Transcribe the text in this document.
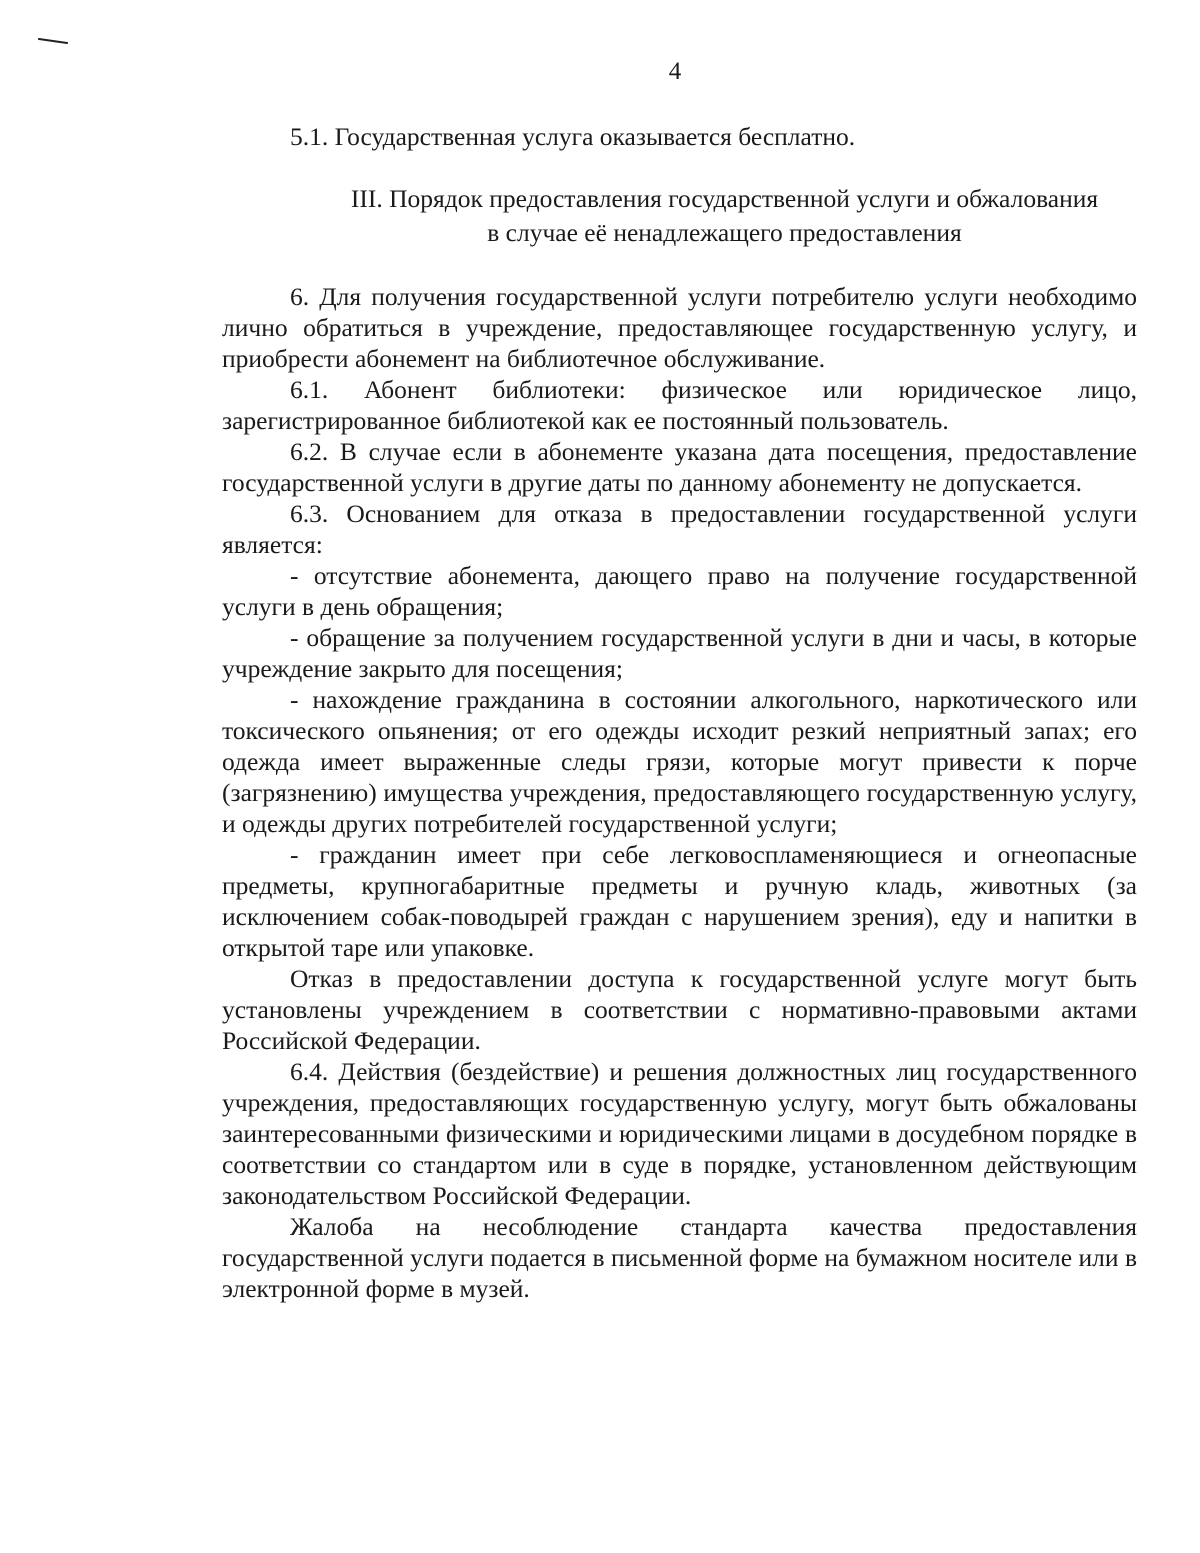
4
5.1. Государственная услуга оказывается бесплатно.
III. Порядок предоставления государственной услуги и обжалования
в случае её ненадлежащего предоставления

6. Для получения государственной услуги потребителю услуги необходимо лично обратиться в учреждение, предоставляющее государственную услугу, и приобрести абонемент на библиотечное обслуживание.

6.1. Абонент библиотеки: физическое или юридическое лицо, зарегистрированное библиотекой как ее постоянный пользователь.

6.2. В случае если в абонементе указана дата посещения, предоставление государственной услуги в другие даты по данному абонементу не допускается.

6.3. Основанием для отказа в предоставлении государственной услуги является:

- отсутствие абонемента, дающего право на получение государственной услуги в день обращения;

- обращение за получением государственной услуги в дни и часы, в которые учреждение закрыто для посещения;

- нахождение гражданина в состоянии алкогольного, наркотического или токсического опьянения; от его одежды исходит резкий неприятный запах; его одежда имеет выраженные следы грязи, которые могут привести к порче (загрязнению) имущества учреждения, предоставляющего государственную услугу, и одежды других потребителей государственной услуги;

- гражданин имеет при себе легковоспламеняющиеся и огнеопасные предметы, крупногабаритные предметы и ручную кладь, животных (за исключением собак-поводырей граждан с нарушением зрения), еду и напитки в открытой таре или упаковке.

Отказ в предоставлении доступа к государственной услуге могут быть установлены учреждением в соответствии с нормативно-правовыми актами Российской Федерации.

6.4. Действия (бездействие) и решения должностных лиц государственного учреждения, предоставляющих государственную услугу, могут быть обжалованы заинтересованными физическими и юридическими лицами в досудебном порядке в соответствии со стандартом или в суде в порядке, установленном действующим законодательством Российской Федерации.

Жалоба на несоблюдение стандарта качества предоставления государственной услуги подается в письменной форме на бумажном носителе или в электронной форме в музей.
